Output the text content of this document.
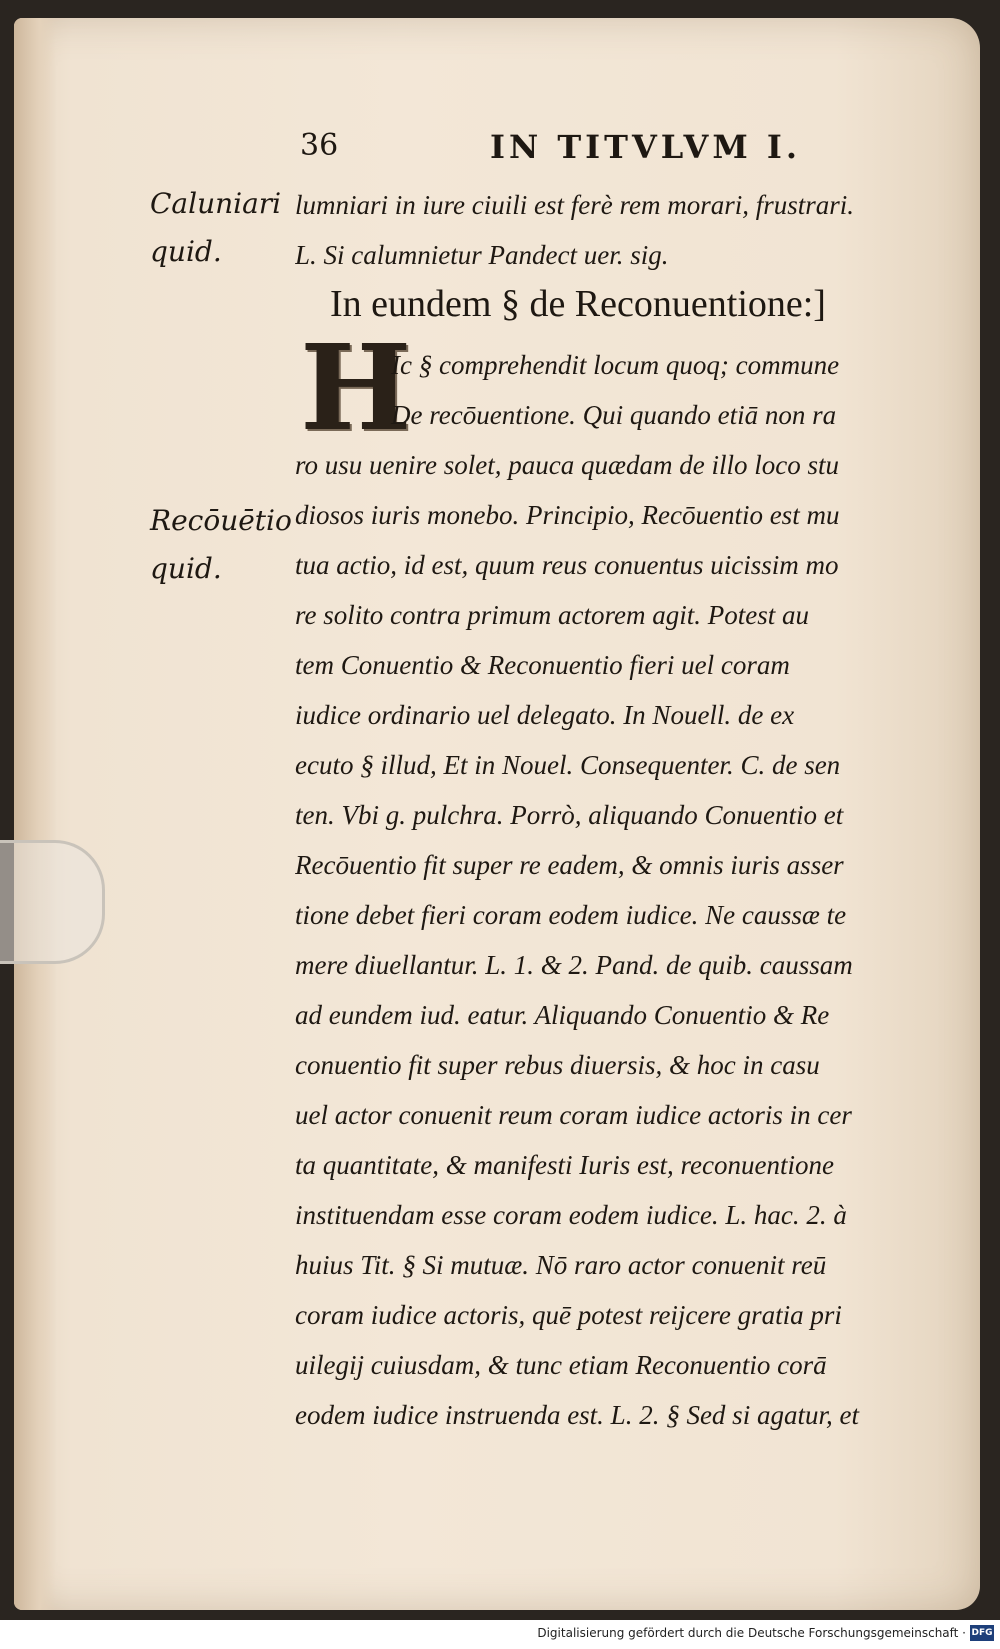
36	IN TITVLVM I.
Caluniari quid.
Recōuētio quid.
lumniari in iure ciuili est ferè rem morari, frustrari.
L. Si calumnietur Pandect uer. sig.
In eundem § de Reconuentione:]
H
Ic § comprehendit locum quoq; commune
De recōuentione. Qui quando etiā non ra
ro usu uenire solet, pauca quædam de illo loco stu
diosos iuris monebo. Principio, Recōuentio est mu
tua actio, id est, quum reus conuentus uicissim mo
re solito contra primum actorem agit. Potest au
tem Conuentio & Reconuentio fieri uel coram
iudice ordinario uel delegato. In Nouell. de ex
ecuto § illud, Et in Nouel. Consequenter. C. de sen
ten. Vbi g. pulchra. Porrò, aliquando Conuentio et
Recōuentio fit super re eadem, & omnis iuris asser
tione debet fieri coram eodem iudice. Ne caussæ te
mere diuellantur. L. 1. & 2. Pand. de quib. caussam
ad eundem iud. eatur. Aliquando Conuentio & Re
conuentio fit super rebus diuersis, & hoc in casu
uel actor conuenit reum coram iudice actoris in cer
ta quantitate, & manifesti Iuris est, reconuentione
instituendam esse coram eodem iudice. L. hac. 2. à
huius Tit. § Si mutuæ. Nō raro actor conuenit reū
coram iudice actoris, quē potest reijcere gratia pri
uilegij cuiusdam, & tunc etiam Reconuentio corā
eodem iudice instruenda est. L. 2. § Sed si agatur, et
Digitalisierung gefördert durch die Deutsche Forschungsgemeinschaft · DFG
